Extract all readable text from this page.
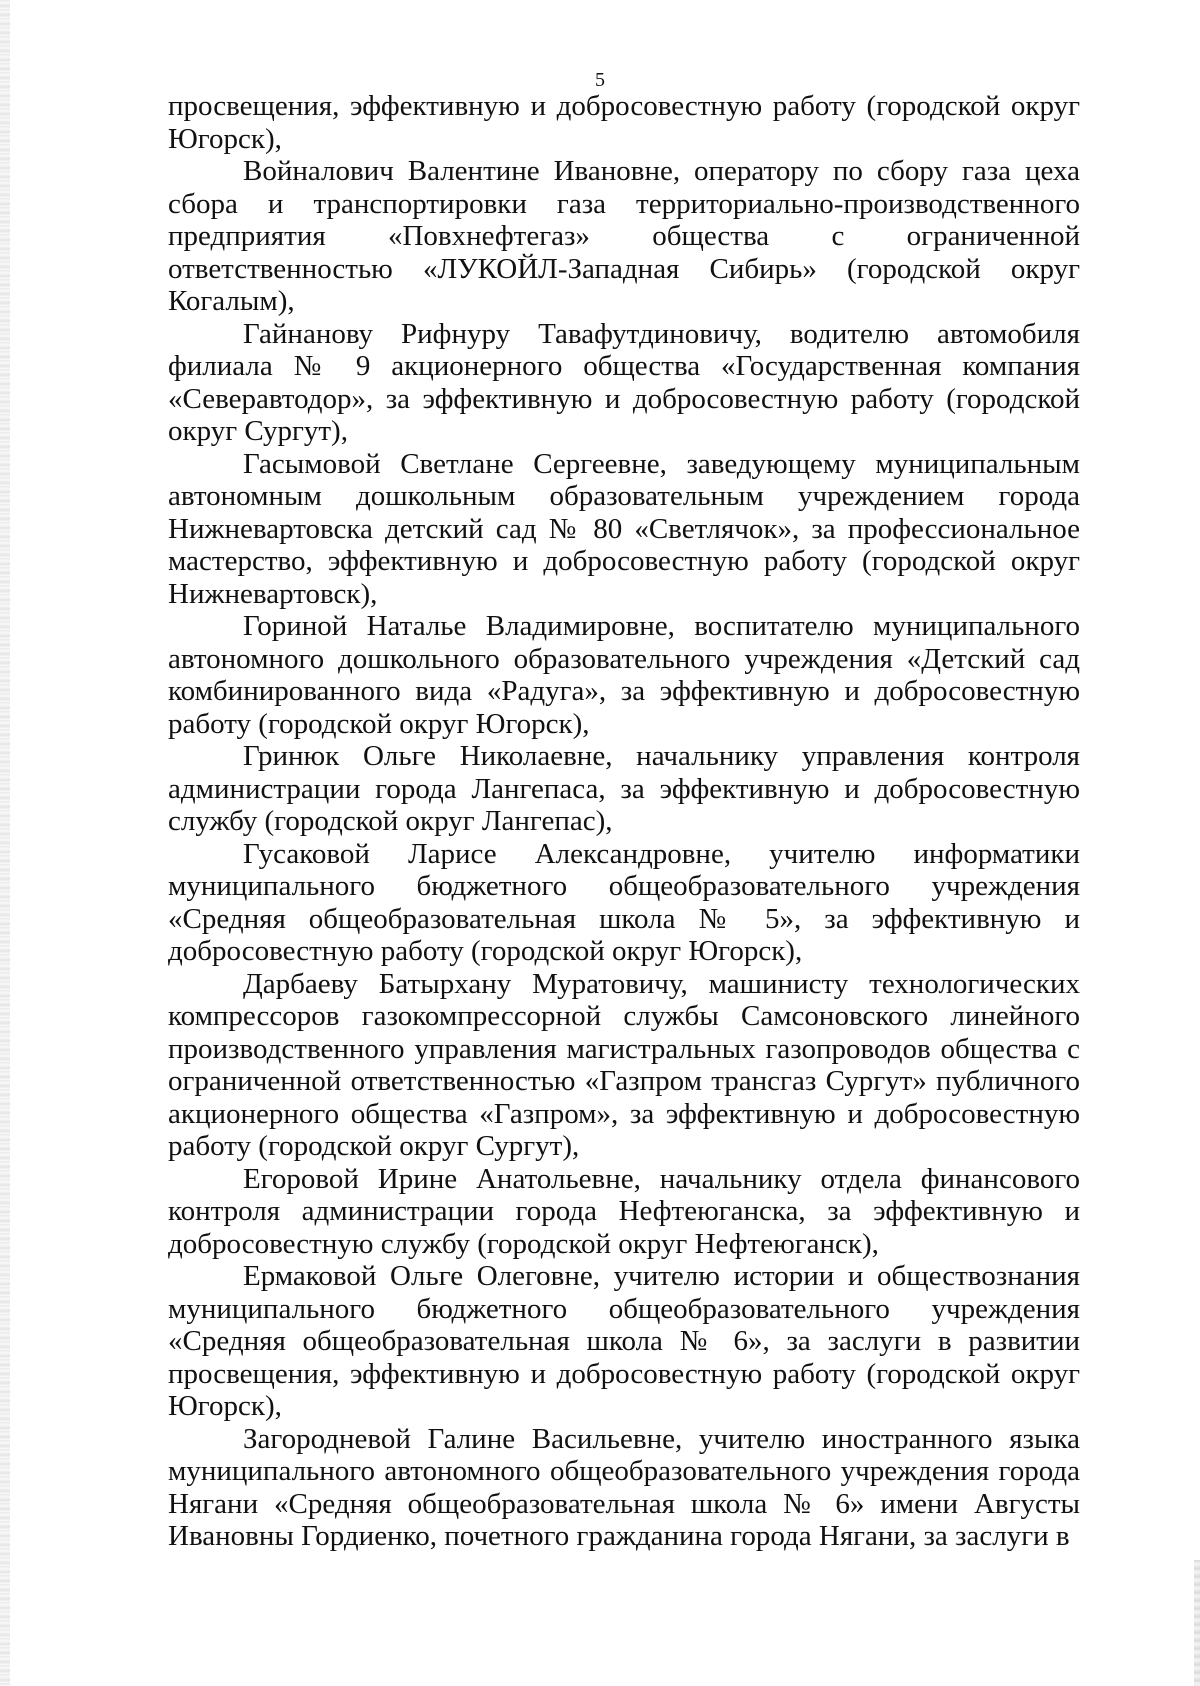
5

просвещения, эффективную и добросовестную работу (городской округ Югорск),

Войналович Валентине Ивановне, оператору по сбору газа цеха сбора и транспортировки газа территориально-производственного предприятия «Повхнефтегаз» общества с ограниченной ответственностью «ЛУКОЙЛ-Западная Сибирь» (городской округ Когалым),

Гайнанову Рифнуру Тавафутдиновичу, водителю автомобиля филиала № 9 акционерного общества «Государственная компания «Северавтодор», за эффективную и добросовестную работу (городской округ Сургут),

Гасымовой Светлане Сергеевне, заведующему муниципальным автономным дошкольным образовательным учреждением города Нижневартовска детский сад № 80 «Светлячок», за профессиональное мастерство, эффективную и добросовестную работу (городской округ Нижневартовск),

Гориной Наталье Владимировне, воспитателю муниципального автономного дошкольного образовательного учреждения «Детский сад комбинированного вида «Радуга», за эффективную и добросовестную работу (городской округ Югорск),

Гринюк Ольге Николаевне, начальнику управления контроля администрации города Лангепаса, за эффективную и добросовестную службу (городской округ Лангепас),

Гусаковой Ларисе Александровне, учителю информатики муниципального бюджетного общеобразовательного учреждения «Средняя общеобразовательная школа № 5», за эффективную и добросовестную работу (городской округ Югорск),

Дарбаеву Батырхану Муратовичу, машинисту технологических компрессоров газокомпрессорной службы Самсоновского линейного производственного управления магистральных газопроводов общества с ограниченной ответственностью «Газпром трансгаз Сургут» публичного акционерного общества «Газпром», за эффективную и добросовестную работу (городской округ Сургут),

Егоровой Ирине Анатольевне, начальнику отдела финансового контроля администрации города Нефтеюганска, за эффективную и добросовестную службу (городской округ Нефтеюганск),

Ермаковой Ольге Олеговне, учителю истории и обществознания муниципального бюджетного общеобразовательного учреждения «Средняя общеобразовательная школа № 6», за заслуги в развитии просвещения, эффективную и добросовестную работу (городской округ Югорск),

Загородневой Галине Васильевне, учителю иностранного языка муниципального автономного общеобразовательного учреждения города Нягани «Средняя общеобразовательная школа № 6» имени Августы Ивановны Гордиенко, почетного гражданина города Нягани, за заслуги в
